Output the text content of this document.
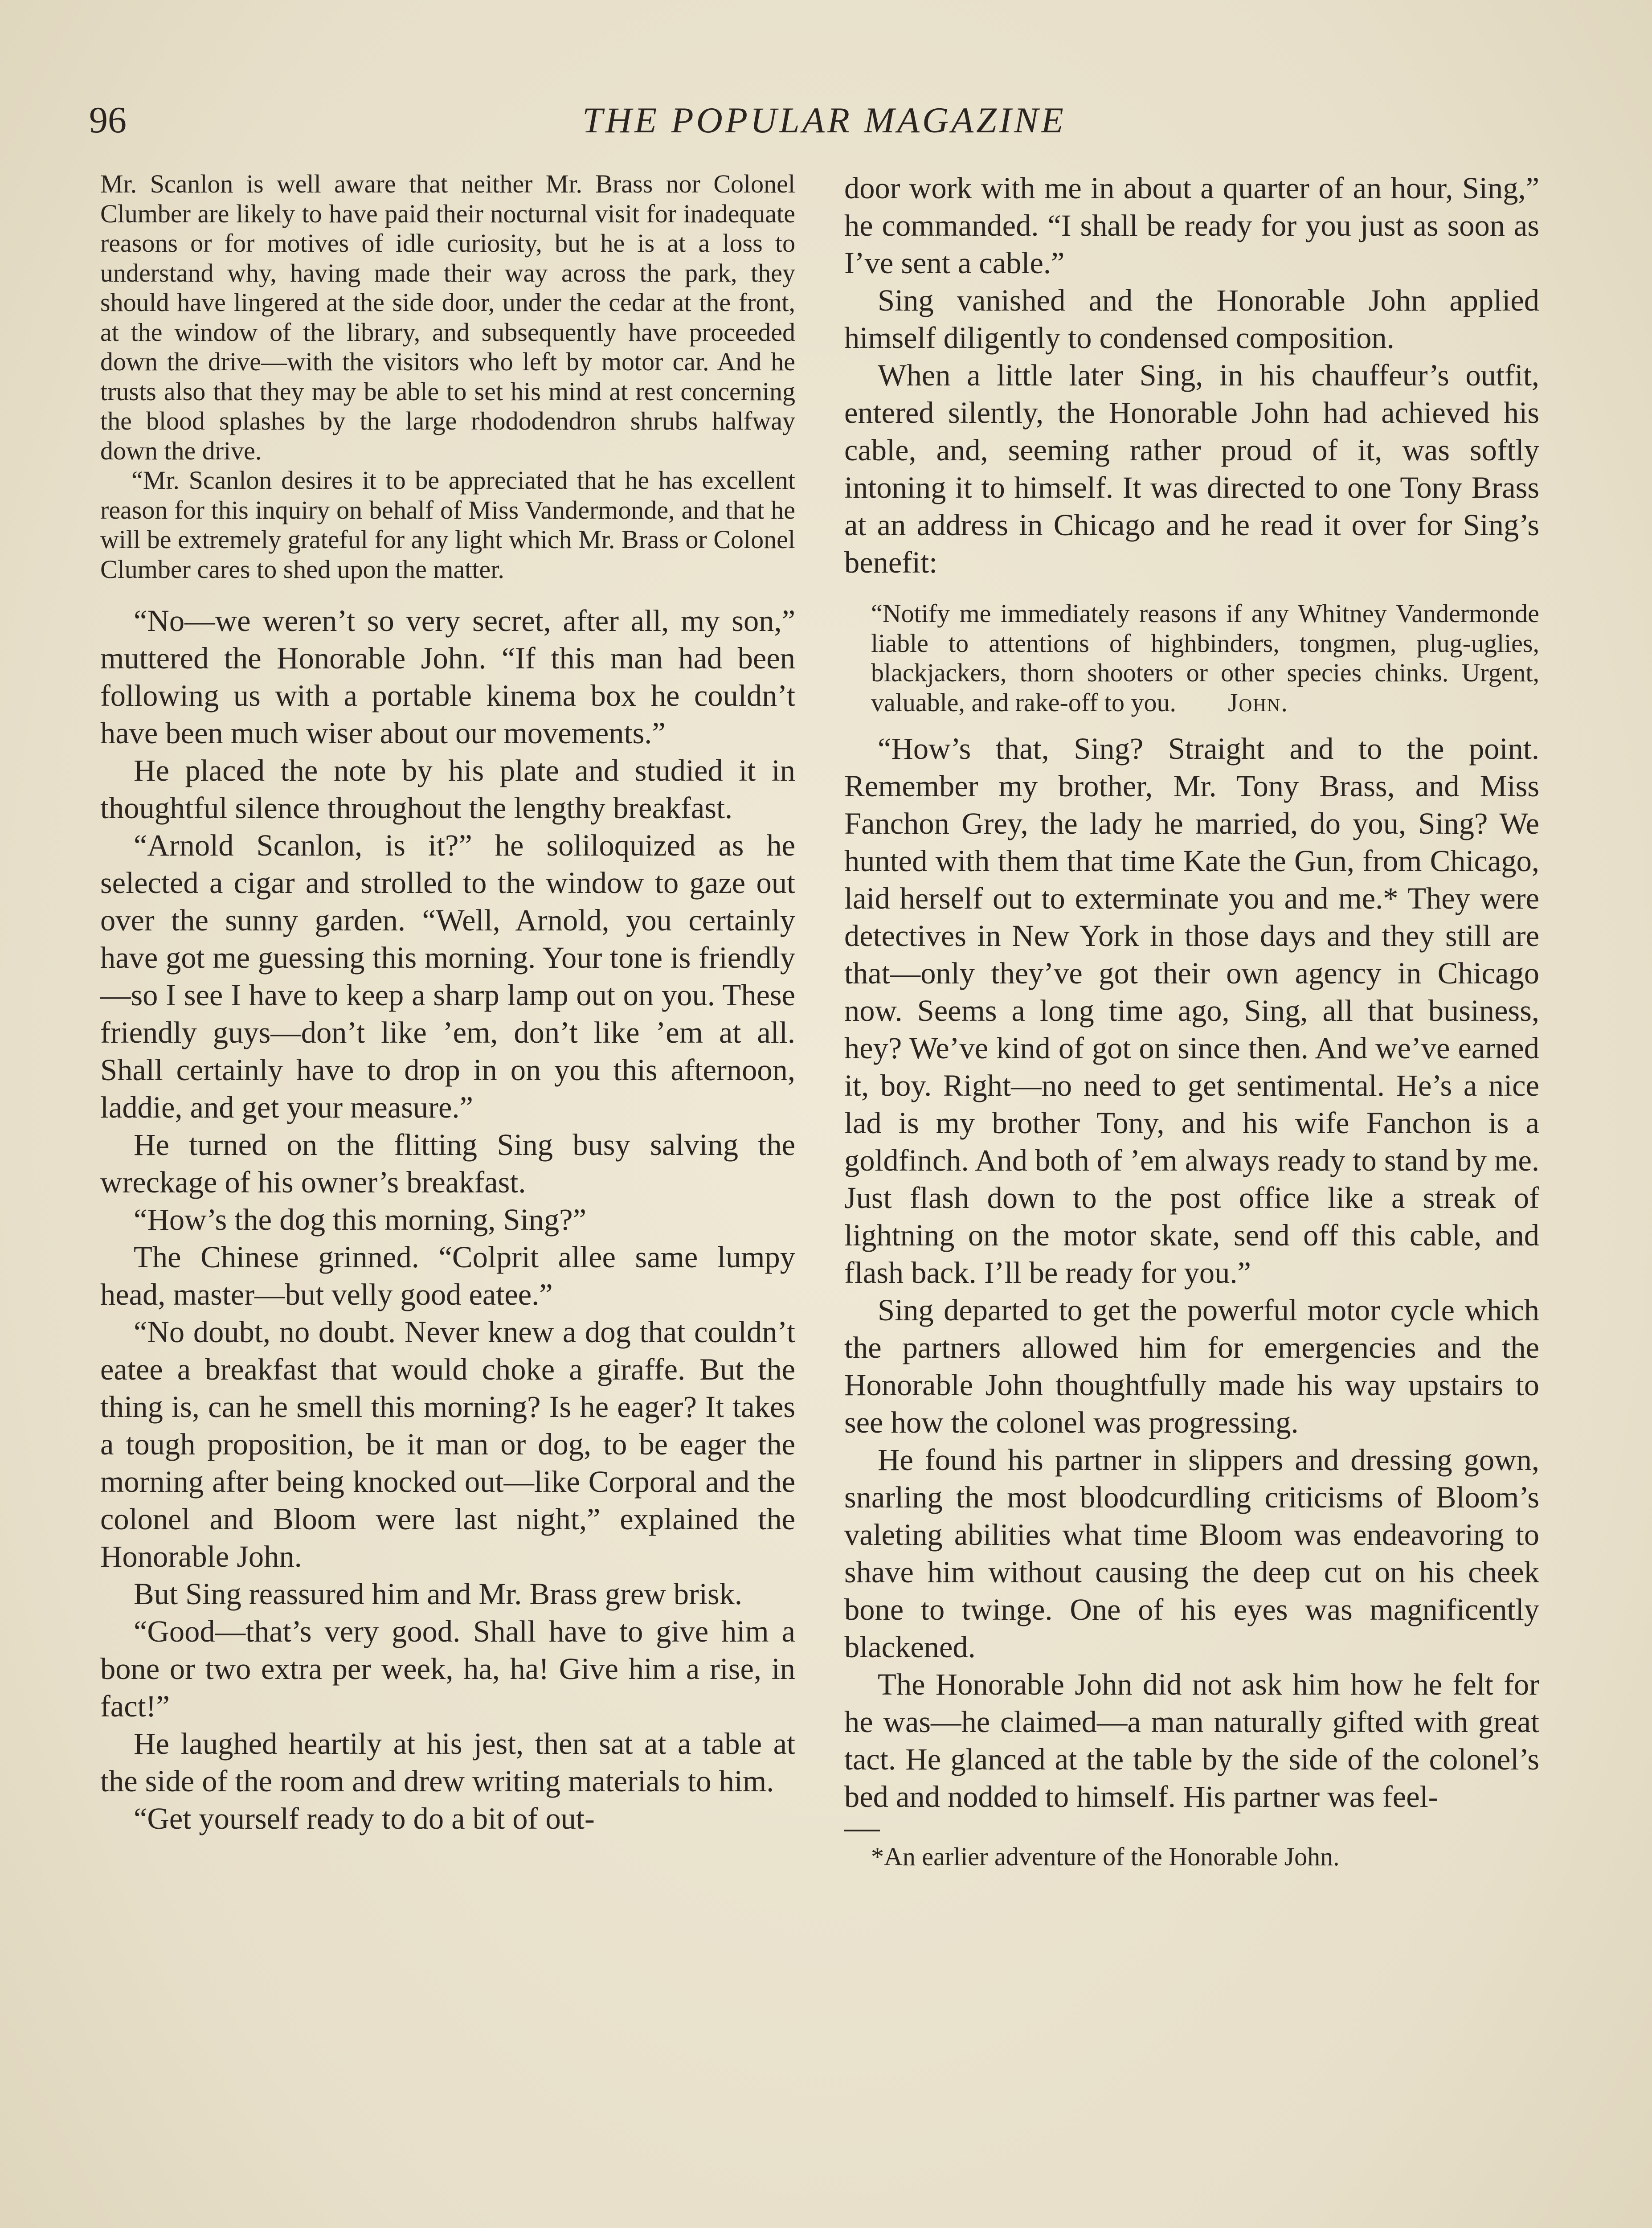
96	THE POPULAR MAGAZINE

Mr. Scanlon is well aware that neither Mr. Brass nor Colonel Clumber are likely to have paid their nocturnal visit for inadequate reasons or for motives of idle curiosity, but he is at a loss to understand why, having made their way across the park, they should have lingered at the side door, under the cedar at the front, at the window of the library, and subsequently have proceeded down the drive—with the visitors who left by motor car. And he trusts also that they may be able to set his mind at rest concerning the blood splashes by the large rhododendron shrubs halfway down the drive.

“Mr. Scanlon desires it to be appreciated that he has excellent reason for this inquiry on behalf of Miss Vandermonde, and that he will be extremely grateful for any light which Mr. Brass or Colonel Clumber cares to shed upon the matter.

“No—we weren’t so very secret, after all, my son,” muttered the Honorable John. “If this man had been following us with a portable kinema box he couldn’t have been much wiser about our movements.”

He placed the note by his plate and studied it in thoughtful silence throughout the lengthy breakfast.

“Arnold Scanlon, is it?” he soliloquized as he selected a cigar and strolled to the window to gaze out over the sunny garden. “Well, Arnold, you certainly have got me guessing this morning. Your tone is friendly —so I see I have to keep a sharp lamp out on you. These friendly guys—don’t like ’em, don’t like ’em at all. Shall certainly have to drop in on you this afternoon, laddie, and get your measure.”

He turned on the flitting Sing busy salving the wreckage of his owner’s breakfast.

“How’s the dog this morning, Sing?”

The Chinese grinned. “Colprit allee same lumpy head, master—but velly good eatee.”

“No doubt, no doubt. Never knew a dog that couldn’t eatee a breakfast that would choke a giraffe. But the thing is, can he smell this morning? Is he eager? It takes a tough proposition, be it man or dog, to be eager the morning after being knocked out—like Corporal and the colonel and Bloom were last night,” explained the Honorable John.

But Sing reassured him and Mr. Brass grew brisk.

“Good—that’s very good. Shall have to give him a bone or two extra per week, ha, ha! Give him a rise, in fact!”

He laughed heartily at his jest, then sat at a table at the side of the room and drew writing materials to him.

“Get yourself ready to do a bit of out-

door work with me in about a quarter of an hour, Sing,” he commanded. “I shall be ready for you just as soon as I’ve sent a cable.”

Sing vanished and the Honorable John applied himself diligently to condensed composition.

When a little later Sing, in his chauffeur’s outfit, entered silently, the Honorable John had achieved his cable, and, seeming rather proud of it, was softly intoning it to himself. It was directed to one Tony Brass at an address in Chicago and he read it over for Sing’s benefit:

“Notify me immediately reasons if any Whitney Vandermonde liable to attentions of highbinders, tongmen, plug-uglies, blackjackers, thorn shooters or other species chinks. Urgent, valuable, and rake-off to you. John.

“How’s that, Sing? Straight and to the point. Remember my brother, Mr. Tony Brass, and Miss Fanchon Grey, the lady he married, do you, Sing? We hunted with them that time Kate the Gun, from Chicago, laid herself out to exterminate you and me.* They were detectives in New York in those days and they still are that—only they’ve got their own agency in Chicago now. Seems a long time ago, Sing, all that business, hey? We’ve kind of got on since then. And we’ve earned it, boy. Right—no need to get sentimental. He’s a nice lad is my brother Tony, and his wife Fanchon is a goldfinch. And both of ’em always ready to stand by me. Just flash down to the post office like a streak of lightning on the motor skate, send off this cable, and flash back. I’ll be ready for you.”

Sing departed to get the powerful motor cycle which the partners allowed him for emergencies and the Honorable John thoughtfully made his way upstairs to see how the colonel was progressing.

He found his partner in slippers and dressing gown, snarling the most bloodcurdling criticisms of Bloom’s valeting abilities what time Bloom was endeavoring to shave him without causing the deep cut on his cheek bone to twinge. One of his eyes was magnificently blackened.

The Honorable John did not ask him how he felt for he was—he claimed—a man naturally gifted with great tact. He glanced at the table by the side of the colonel’s bed and nodded to himself. His partner was feel-

*An earlier adventure of the Honorable John.
